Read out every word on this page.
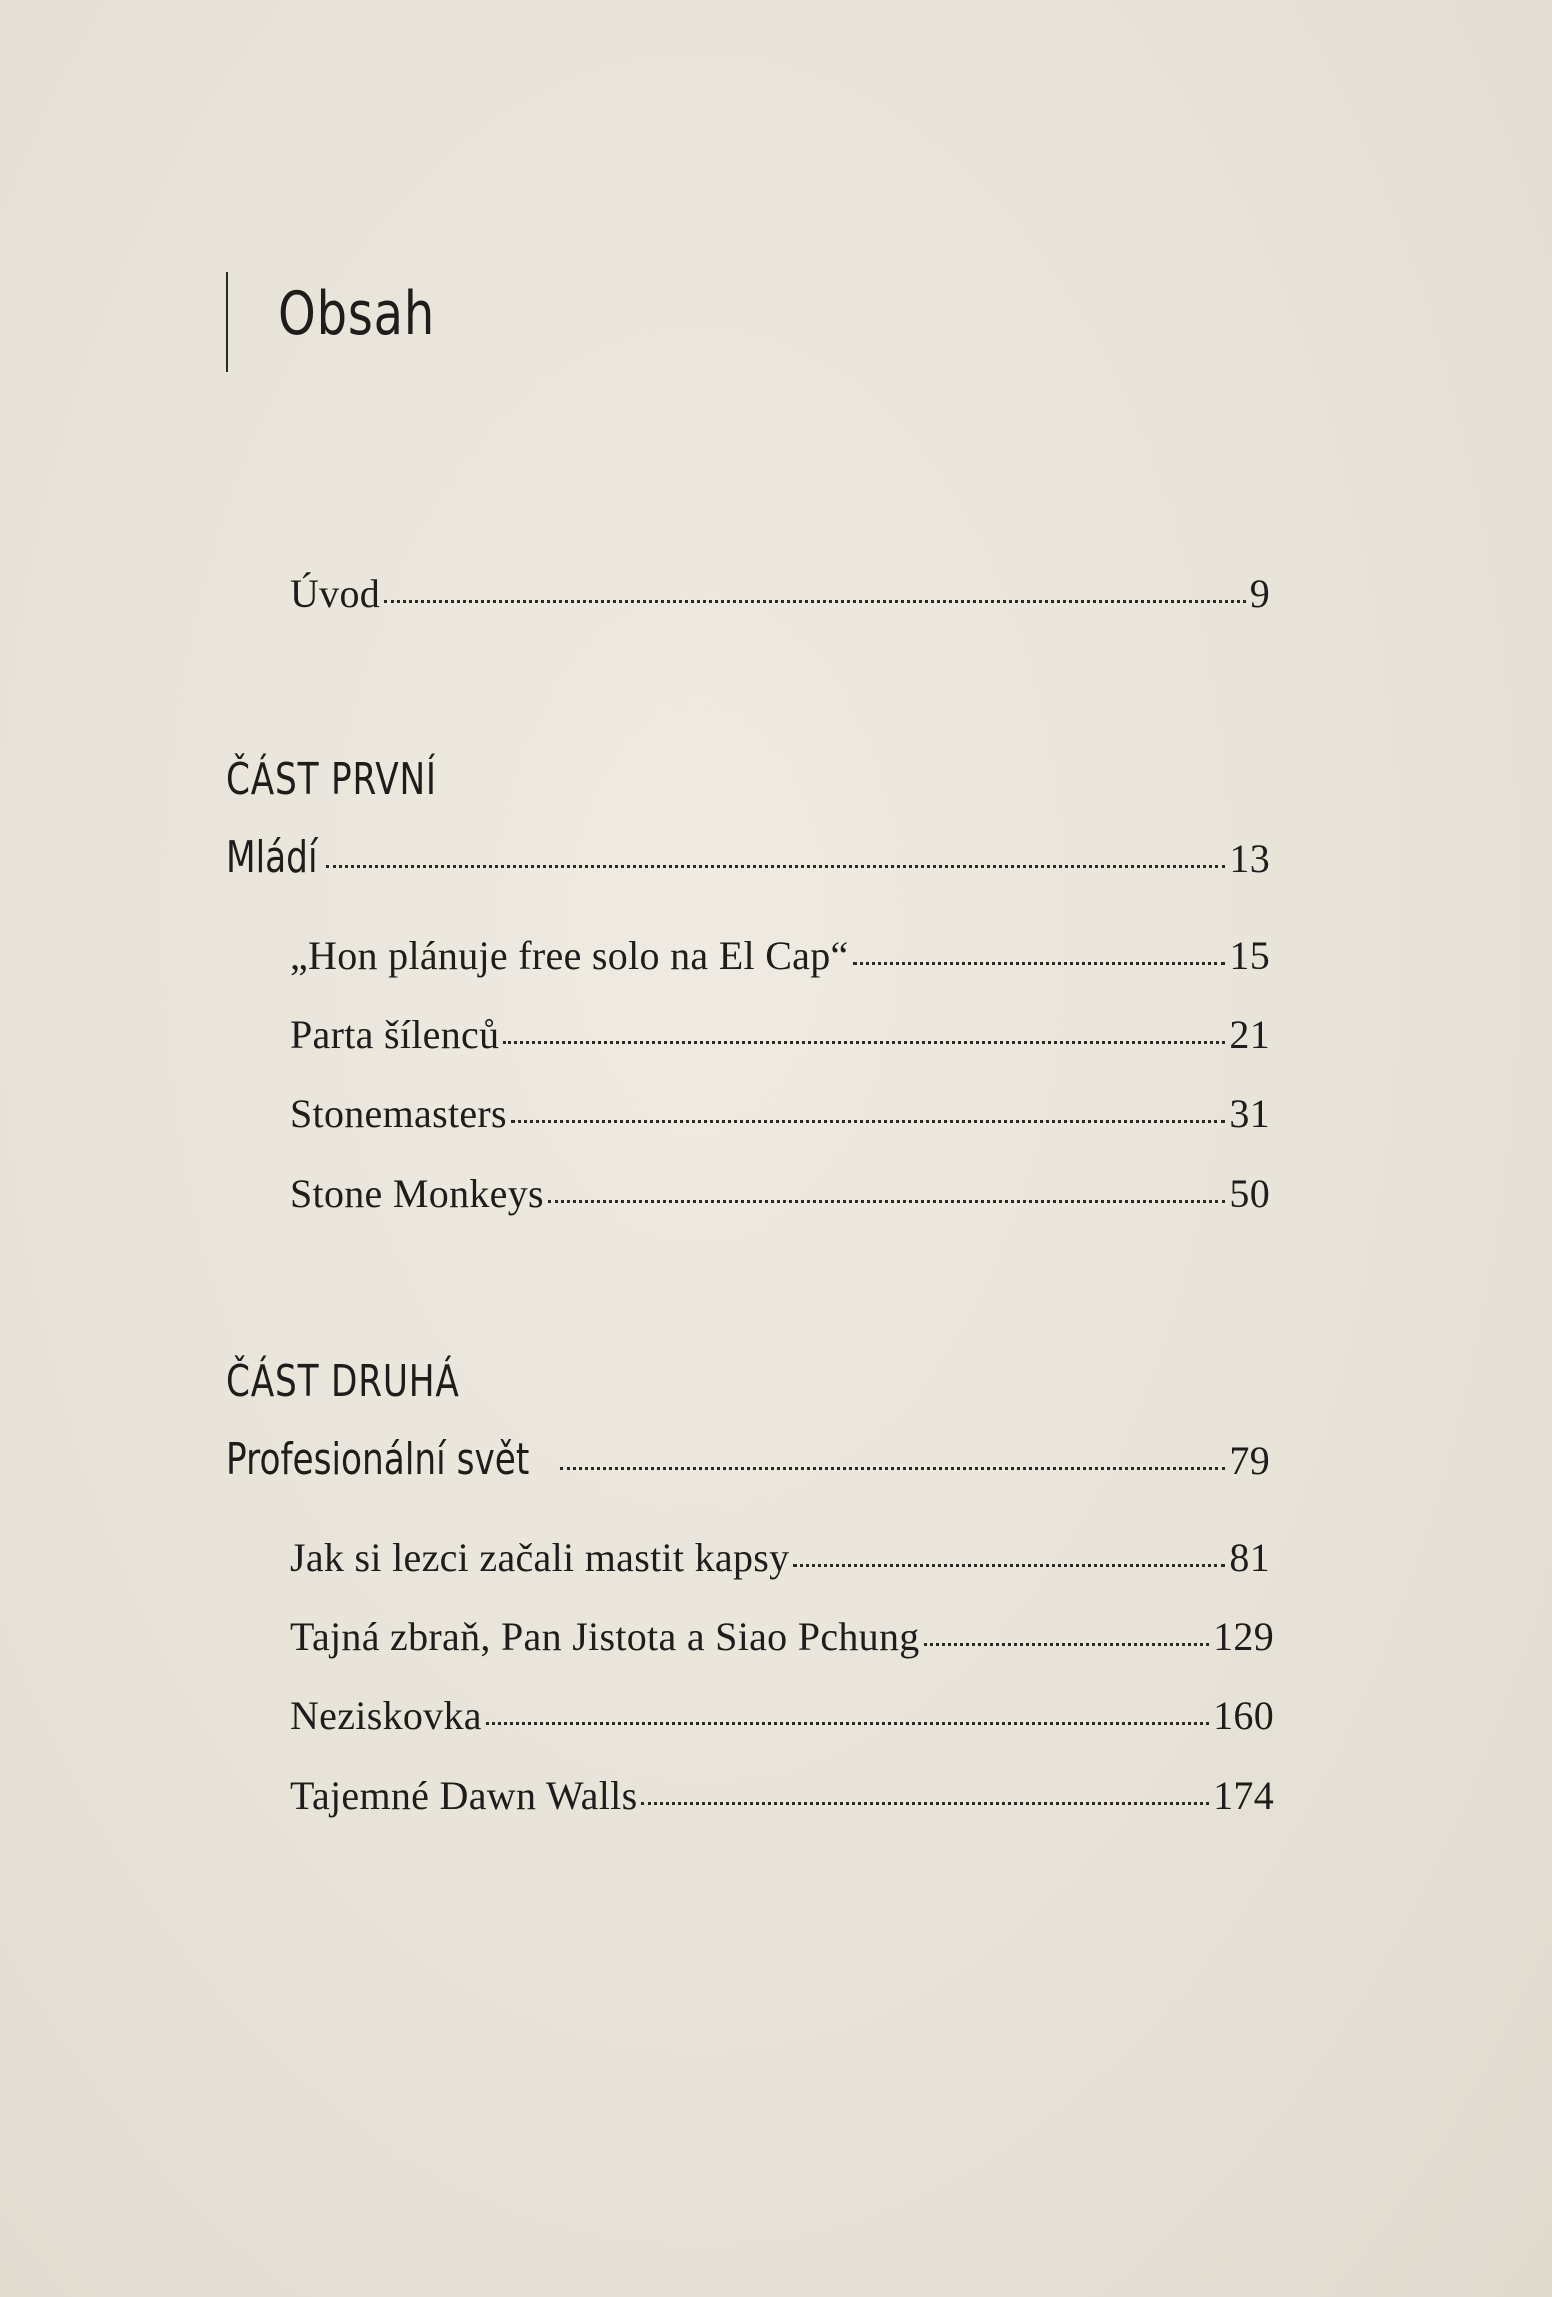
Obsah
Úvod	9
ČÁST PRVNÍ
Mládí	13
„Hon plánuje free solo na El Cap“	15
Parta šílenců	21
Stonemasters	31
Stone Monkeys	50
ČÁST DRUHÁ
Profesionální svět	79
Jak si lezci začali mastit kapsy	81
Tajná zbraň, Pan Jistota a Siao Pchung	129
Neziskovka	160
Tajemné Dawn Walls	174
